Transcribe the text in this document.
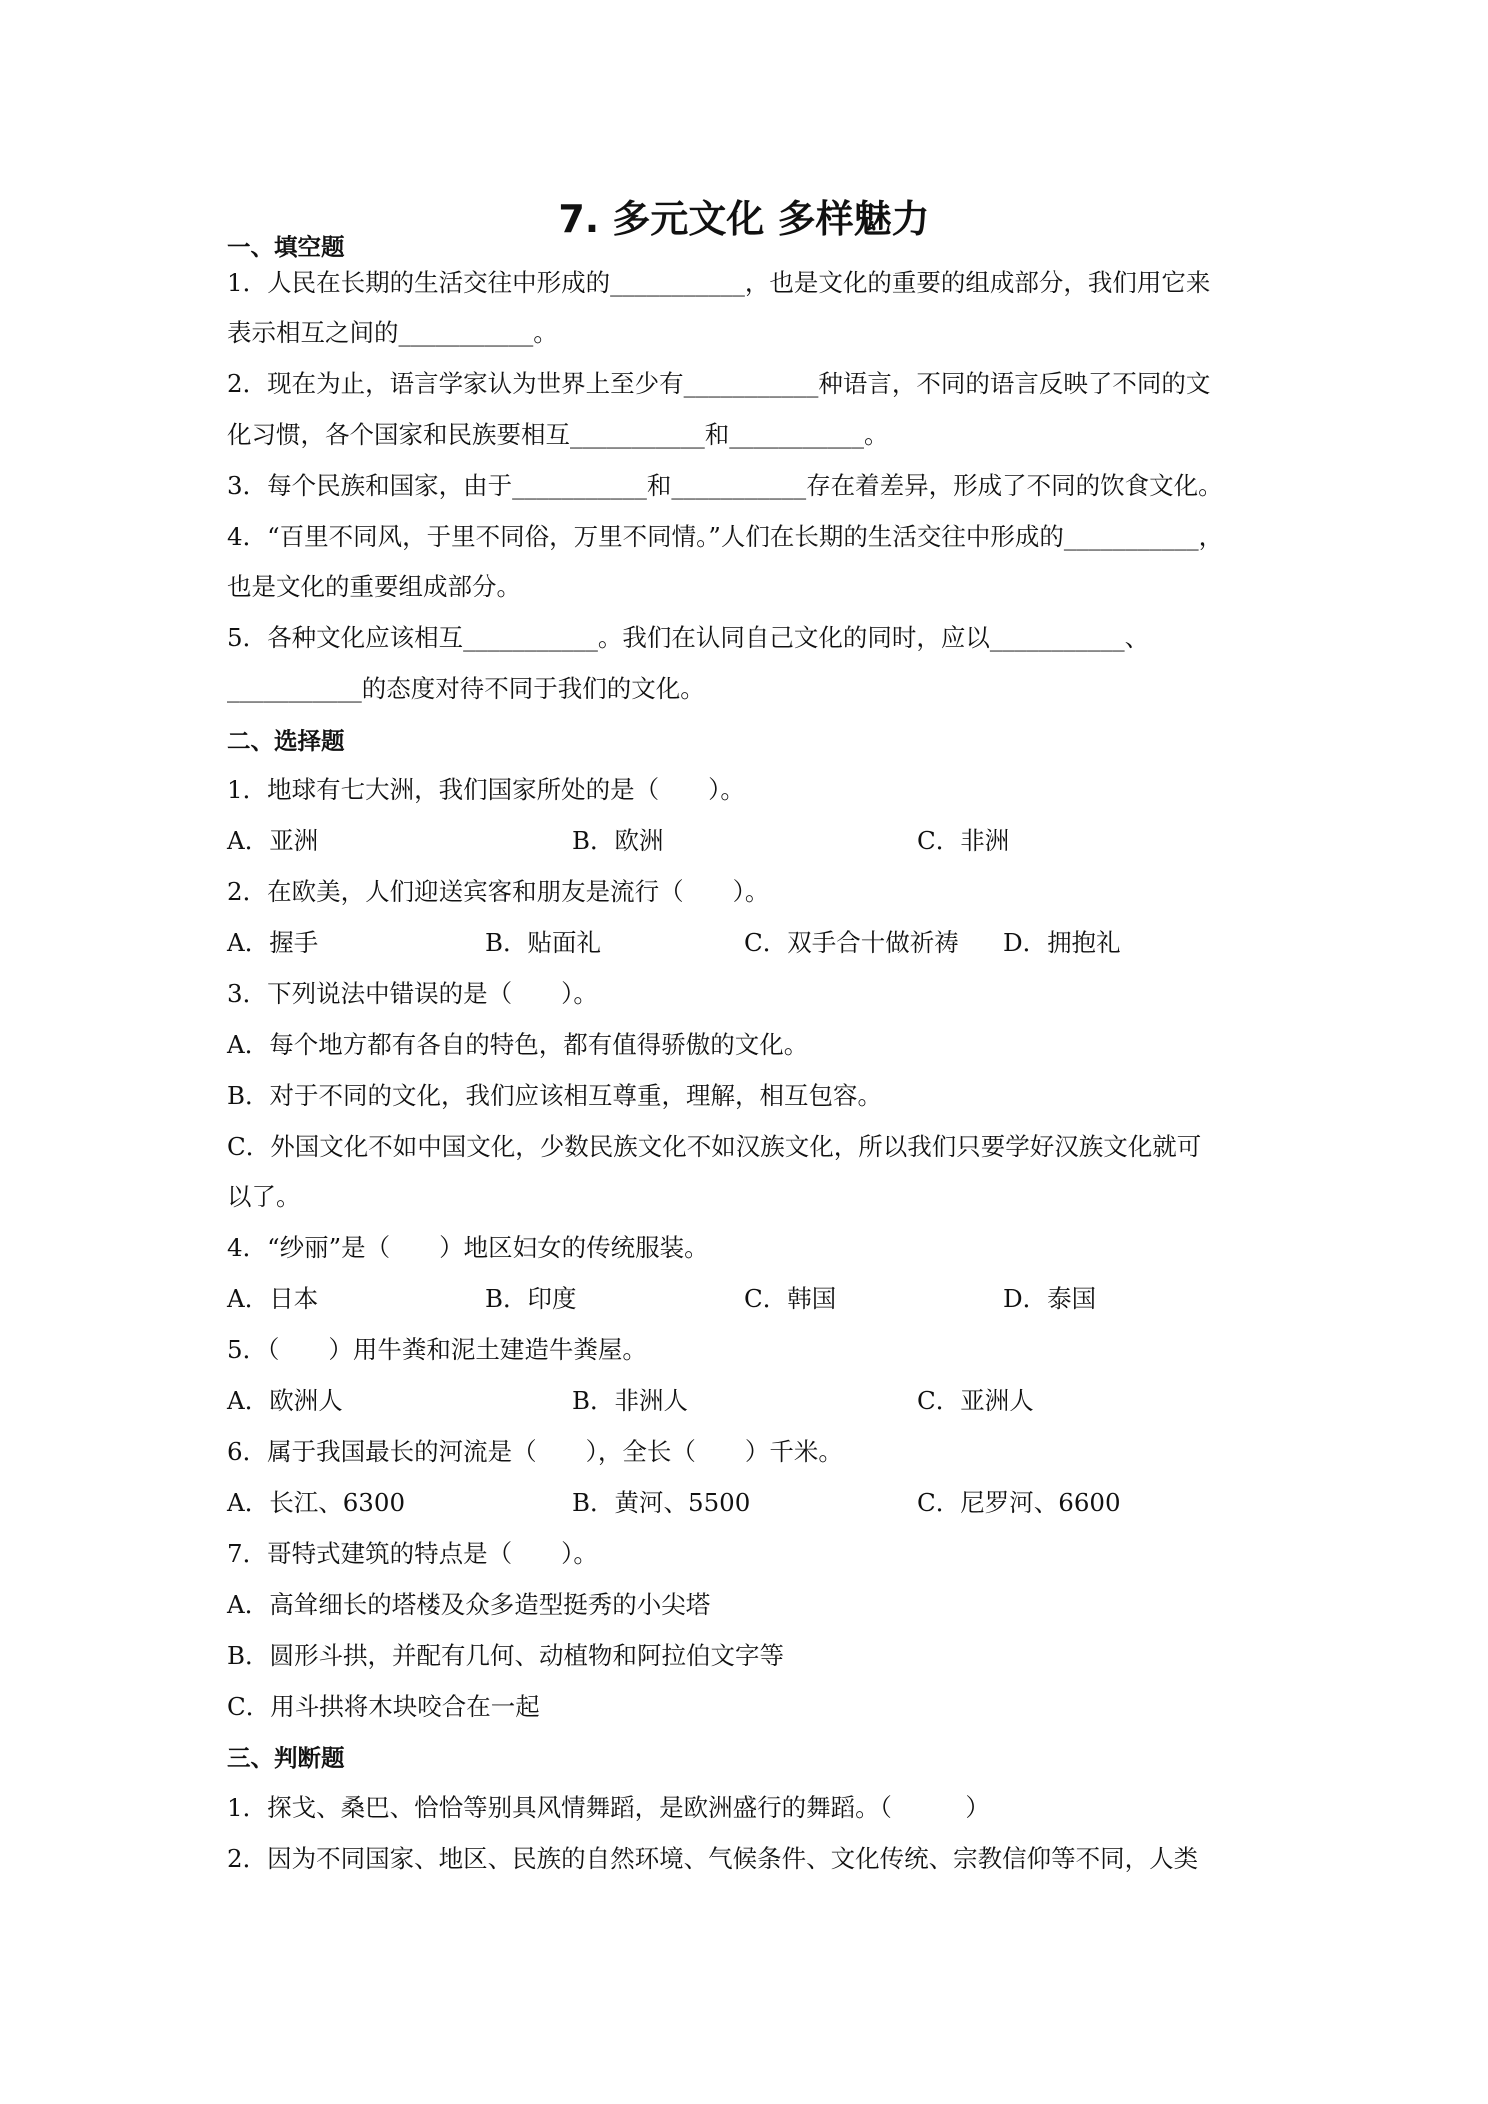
7. 多元文化 多样魅力
一、填空题
1．人民在长期的生活交往中形成的___________，也是文化的重要的组成部分，我们用它来
表示相互之间的___________。
2．现在为止，语言学家认为世界上至少有___________种语言，不同的语言反映了不同的文
化习惯，各个国家和民族要相互___________和___________。
3．每个民族和国家，由于___________和___________存在着差异，形成了不同的饮食文化。
4．“百里不同风，于里不同俗，万里不同情。”人们在长期的生活交往中形成的___________，
也是文化的重要组成部分。
5．各种文化应该相互___________。我们在认同自己文化的同时，应以___________、
___________的态度对待不同于我们的文化。
二、选择题
1．地球有七大洲，我们国家所处的是（　　）。
A．亚洲	B．欧洲	C．非洲
2．在欧美，人们迎送宾客和朋友是流行（　　）。
A．握手	B．贴面礼	C．双手合十做祈祷 D．拥抱礼
3．下列说法中错误的是（　　）。
A．每个地方都有各自的特色，都有值得骄傲的文化。
B．对于不同的文化，我们应该相互尊重，理解，相互包容。
C．外国文化不如中国文化，少数民族文化不如汉族文化，所以我们只要学好汉族文化就可
以了。
4．“纱丽”是（　　）地区妇女的传统服装。
A．日本	B．印度	C．韩国	D．泰国
5．（　　）用牛粪和泥土建造牛粪屋。
A．欧洲人	B．非洲人	C．亚洲人
6．属于我国最长的河流是（　　），全长（　　）千米。
A．长江、6300	B．黄河、5500	C．尼罗河、6600
7．哥特式建筑的特点是（　　）。
A．高耸细长的塔楼及众多造型挺秀的小尖塔
B．圆形斗拱，并配有几何、动植物和阿拉伯文字等
C．用斗拱将木块咬合在一起
三、判断题
1．探戈、桑巴、恰恰等别具风情舞蹈，是欧洲盛行的舞蹈。（　　　）
2．因为不同国家、地区、民族的自然环境、气候条件、文化传统、宗教信仰等不同，人类
